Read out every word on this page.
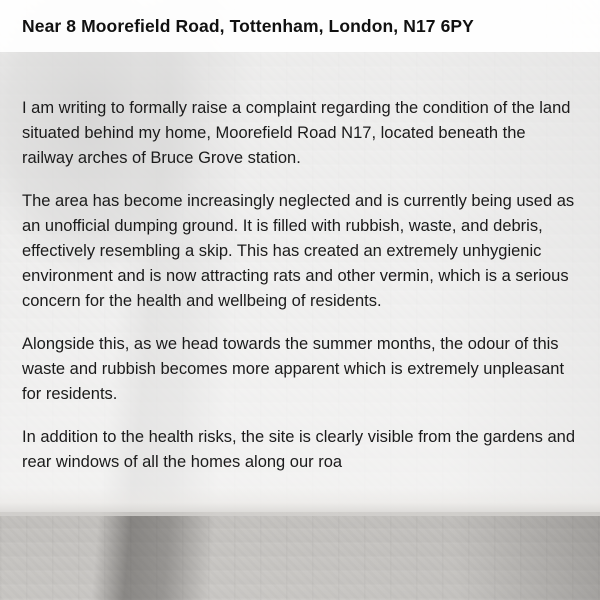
Near 8 Moorefield Road, Tottenham, London, N17 6PY

I am writing to formally raise a complaint regarding the condition of the land situated behind my home, Moorefield Road N17, located beneath the railway arches of Bruce Grove station.

The area has become increasingly neglected and is currently being used as an unofficial dumping ground. It is filled with rubbish, waste, and debris, effectively resembling a skip. This has created an extremely unhygienic environment and is now attracting rats and other vermin, which is a serious concern for the health and wellbeing of residents.

Alongside this, as we head towards the summer months, the odour of this waste and rubbish becomes more apparent which is extremely unpleasant for residents.

In addition to the health risks, the site is clearly visible from the gardens and rear windows of all the homes along our roa
